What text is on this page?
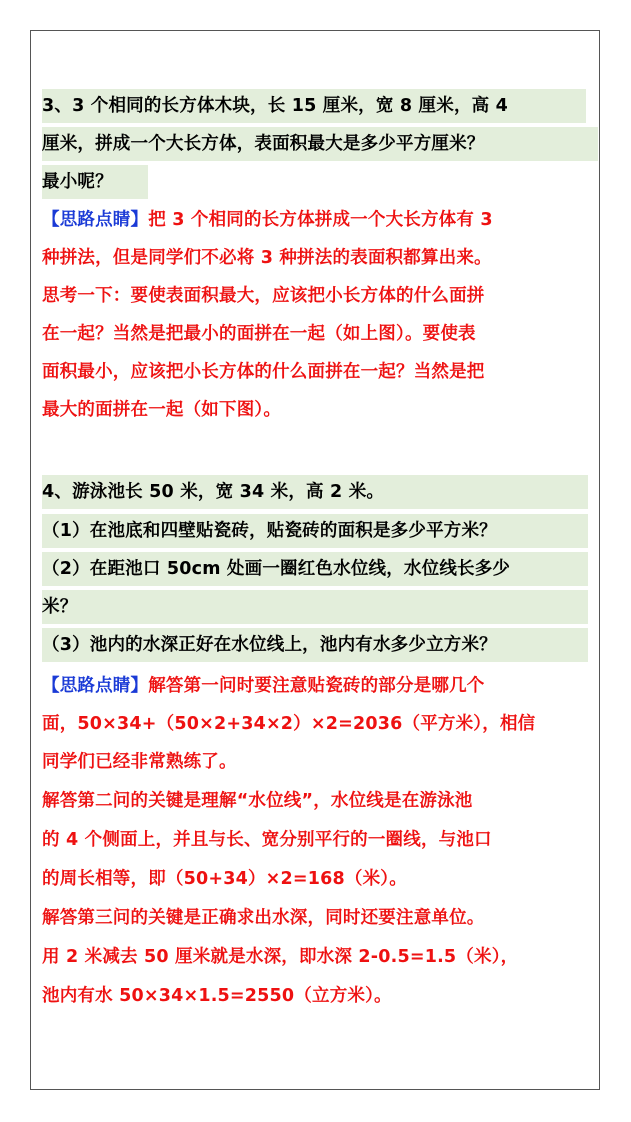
3、3 个相同的长方体木块，长 15 厘米，宽 8 厘米，高 4
厘米，拼成一个大长方体，表面积最大是多少平方厘米？
最小呢？
【思路点睛】把 3 个相同的长方体拼成一个大长方体有 3
种拼法，但是同学们不必将 3 种拼法的表面积都算出来。
思考一下：要使表面积最大，应该把小长方体的什么面拼
在一起？当然是把最小的面拼在一起（如上图）。要使表
面积最小，应该把小长方体的什么面拼在一起？当然是把
最大的面拼在一起（如下图）。
4、游泳池长 50 米，宽 34 米，高 2 米。
（1）在池底和四壁贴瓷砖，贴瓷砖的面积是多少平方米？
（2）在距池口 50cm 处画一圈红色水位线，水位线长多少
米？
（3）池内的水深正好在水位线上，池内有水多少立方米？
【思路点睛】解答第一问时要注意贴瓷砖的部分是哪几个
面，50×34+（50×2+34×2）×2=2036（平方米），相信
同学们已经非常熟练了。
解答第二问的关键是理解“水位线”，水位线是在游泳池
的 4 个侧面上，并且与长、宽分别平行的一圈线，与池口
的周长相等，即（50+34）×2=168（米）。
解答第三问的关键是正确求出水深，同时还要注意单位。
用 2 米减去 50 厘米就是水深，即水深 2-0.5=1.5（米），
池内有水 50×34×1.5=2550（立方米）。
